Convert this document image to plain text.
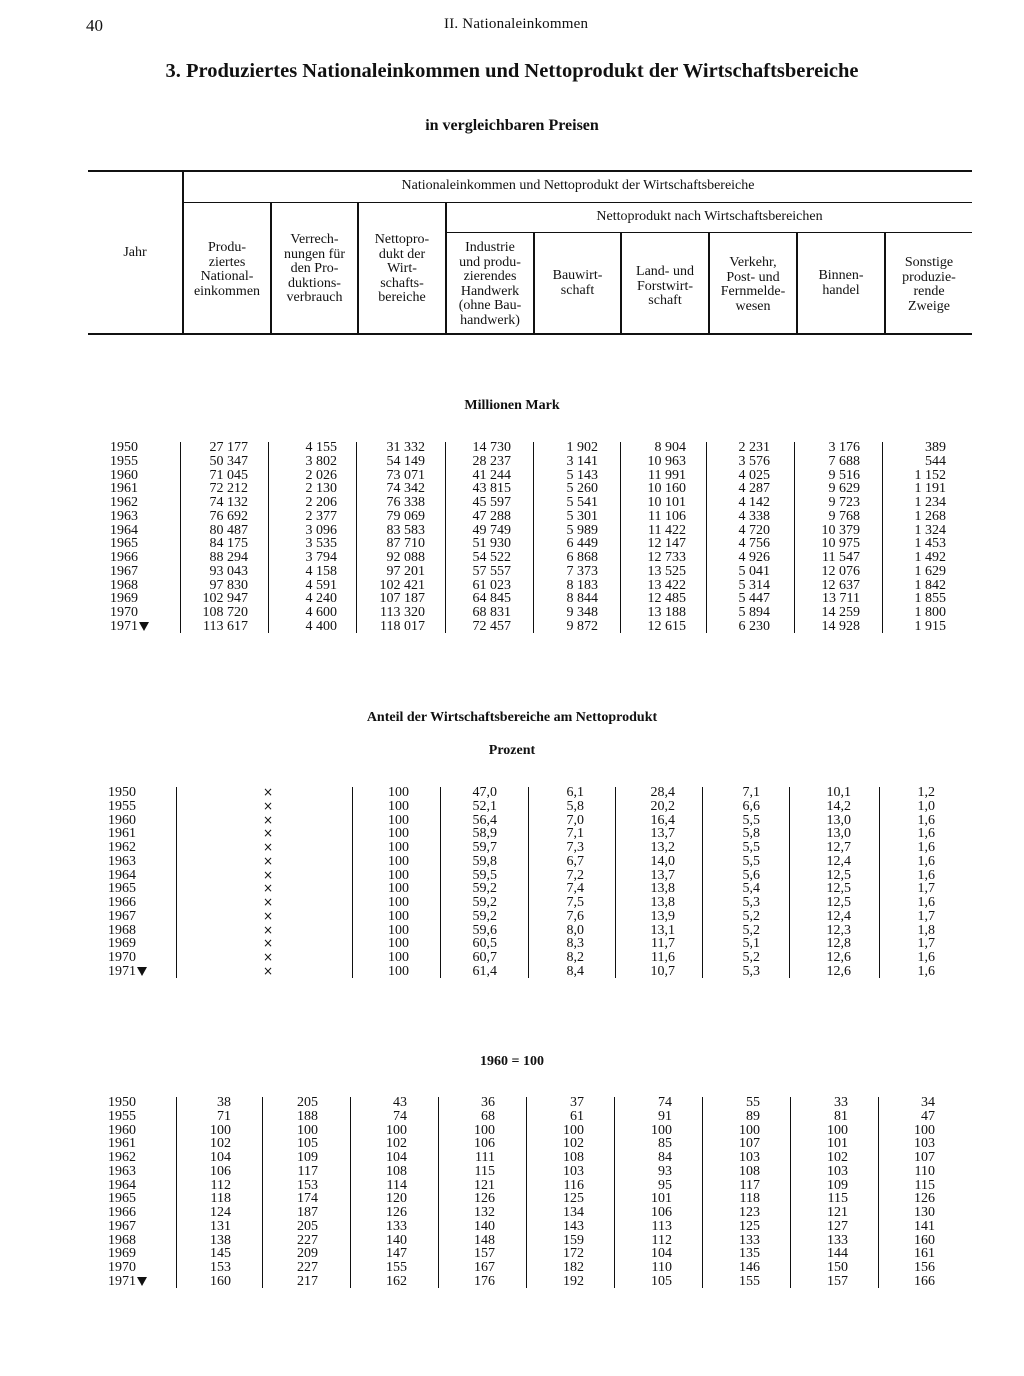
40	II. Nationaleinkommen
3. Produziertes Nationaleinkommen und Nettoprodukt der Wirtschaftsbereiche
in vergleichbaren Preisen
Jahr
Nationaleinkommen und Nettoprodukt der Wirtschaftsbereiche
Nettoprodukt nach Wirtschaftsbereichen
Produ-
ziertes
National-
einkommen
Verrech-
nungen für
den Pro-
duktions-
verbrauch
Nettopro-
dukt der
Wirt-
schafts-
bereiche
Industrie
und produ-
zierendes
Handwerk
(ohne Bau-
handwerk)
Bauwirt-
schaft
Land- und
Forstwirt-
schaft
Verkehr,
Post- und
Fernmelde-
wesen
Binnen-
handel
Sonstige
produzie-
rende
Zweige
Millionen Mark
Anteil der Wirtschaftsbereiche am Nettoprodukt
Prozent
1960 = 100
1950
1955
1960
1961
1962
1963
1964
1965
1966
1967
1968
1969
1970
1971
27 177
50 347
71 045
72 212
74 132
76 692
80 487
84 175
88 294
93 043
97 830
102 947
108 720
113 617
4 155
3 802
2 026
2 130
2 206
2 377
3 096
3 535
3 794
4 158
4 591
4 240
4 600
4 400
31 332
54 149
73 071
74 342
76 338
79 069
83 583
87 710
92 088
97 201
102 421
107 187
113 320
118 017
14 730
28 237
41 244
43 815
45 597
47 288
49 749
51 930
54 522
57 557
61 023
64 845
68 831
72 457
1 902
3 141
5 143
5 260
5 541
5 301
5 989
6 449
6 868
7 373
8 183
8 844
9 348
9 872
8 904
10 963
11 991
10 160
10 101
11 106
11 422
12 147
12 733
13 525
13 422
12 485
13 188
12 615
2 231
3 576
4 025
4 287
4 142
4 338
4 720
4 756
4 926
5 041
5 314
5 447
5 894
6 230
3 176
7 688
9 516
9 629
9 723
9 768
10 379
10 975
11 547
12 076
12 637
13 711
14 259
14 928
389
544
1 152
1 191
1 234
1 268
1 324
1 453
1 492
1 629
1 842
1 855
1 800
1 915
1950
1955
1960
1961
1962
1963
1964
1965
1966
1967
1968
1969
1970
1971
×
×
×
×
×
×
×
×
×
×
×
×
×
×
100
100
100
100
100
100
100
100
100
100
100
100
100
100
47,0
52,1
56,4
58,9
59,7
59,8
59,5
59,2
59,2
59,2
59,6
60,5
60,7
61,4
6,1
5,8
7,0
7,1
7,3
6,7
7,2
7,4
7,5
7,6
8,0
8,3
8,2
8,4
28,4
20,2
16,4
13,7
13,2
14,0
13,7
13,8
13,8
13,9
13,1
11,7
11,6
10,7
7,1
6,6
5,5
5,8
5,5
5,5
5,6
5,4
5,3
5,2
5,2
5,1
5,2
5,3
10,1
14,2
13,0
13,0
12,7
12,4
12,5
12,5
12,5
12,4
12,3
12,8
12,6
12,6
1,2
1,0
1,6
1,6
1,6
1,6
1,6
1,7
1,6
1,7
1,8
1,7
1,6
1,6
1950
1955
1960
1961
1962
1963
1964
1965
1966
1967
1968
1969
1970
1971
38
71
100
102
104
106
112
118
124
131
138
145
153
160
205
188
100
105
109
117
153
174
187
205
227
209
227
217
43
74
100
102
104
108
114
120
126
133
140
147
155
162
36
68
100
106
111
115
121
126
132
140
148
157
167
176
37
61
100
102
108
103
116
125
134
143
159
172
182
192
74
91
100
85
84
93
95
101
106
113
112
104
110
105
55
89
100
107
103
108
117
118
123
125
133
135
146
155
33
81
100
101
102
103
109
115
121
127
133
144
150
157
34
47
100
103
107
110
115
126
130
141
160
161
156
166
